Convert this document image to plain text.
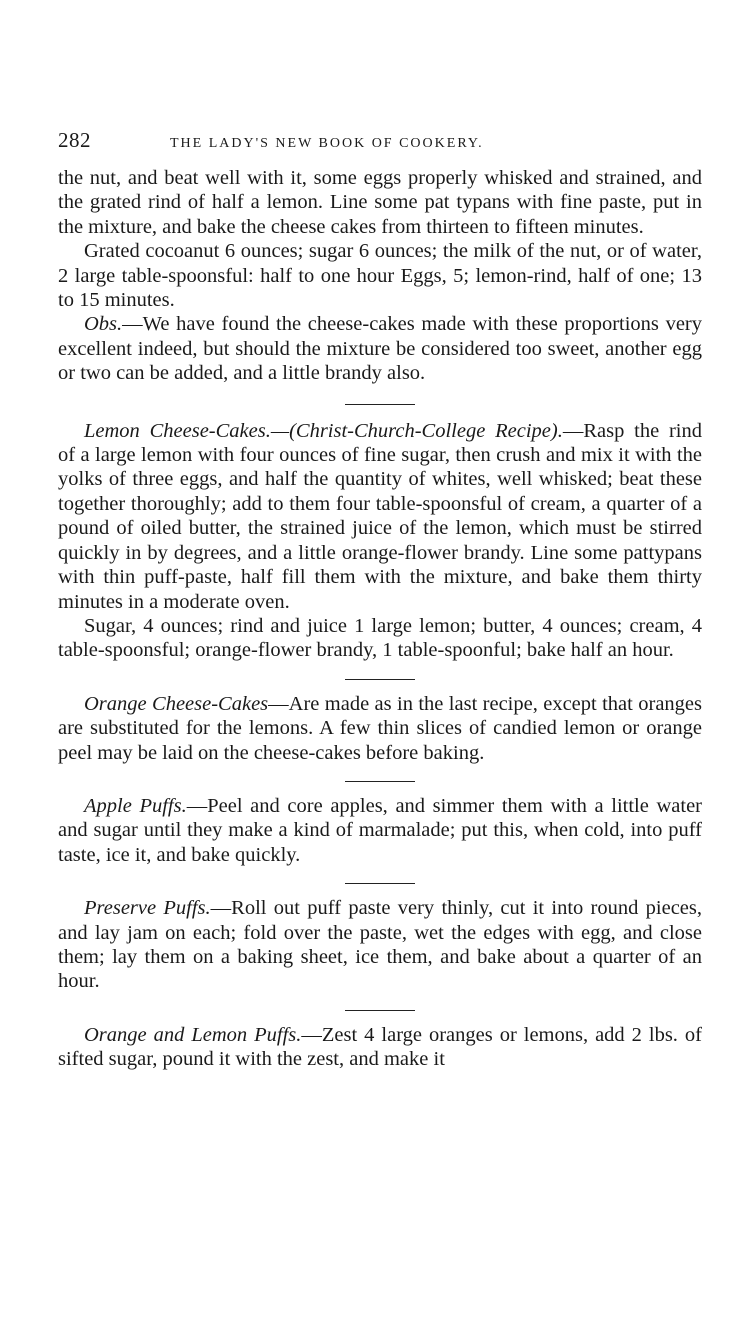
282	THE LADY'S NEW BOOK OF COOKERY.

the nut, and beat well with it, some eggs properly whisked and strained, and the grated rind of half a lemon. Line some pat typans with fine paste, put in the mixture, and bake the cheese cakes from thirteen to fifteen minutes.

Grated cocoanut 6 ounces; sugar 6 ounces; the milk of the nut, or of water, 2 large table-spoonsful: half to one hour Eggs, 5; lemon-rind, half of one; 13 to 15 minutes.

Obs.—We have found the cheese-cakes made with these proportions very excellent indeed, but should the mixture be considered too sweet, another egg or two can be added, and a little brandy also.

Lemon Cheese-Cakes.—(Christ-Church-College Recipe).—Rasp the rind of a large lemon with four ounces of fine sugar, then crush and mix it with the yolks of three eggs, and half the quantity of whites, well whisked; beat these together thoroughly; add to them four table-spoonsful of cream, a quarter of a pound of oiled butter, the strained juice of the lemon, which must be stirred quickly in by degrees, and a little orange-flower brandy. Line some pattypans with thin puff-paste, half fill them with the mixture, and bake them thirty minutes in a moderate oven.

Sugar, 4 ounces; rind and juice 1 large lemon; butter, 4 ounces; cream, 4 table-spoonsful; orange-flower brandy, 1 table-spoonful; bake half an hour.

Orange Cheese-Cakes—Are made as in the last recipe, except that oranges are substituted for the lemons. A few thin slices of candied lemon or orange peel may be laid on the cheese-cakes before baking.

Apple Puffs.—Peel and core apples, and simmer them with a little water and sugar until they make a kind of marmalade; put this, when cold, into puff taste, ice it, and bake quickly.

Preserve Puffs.—Roll out puff paste very thinly, cut it into round pieces, and lay jam on each; fold over the paste, wet the edges with egg, and close them; lay them on a baking sheet, ice them, and bake about a quarter of an hour.

Orange and Lemon Puffs.—Zest 4 large oranges or lemons, add 2 lbs. of sifted sugar, pound it with the zest, and make it
